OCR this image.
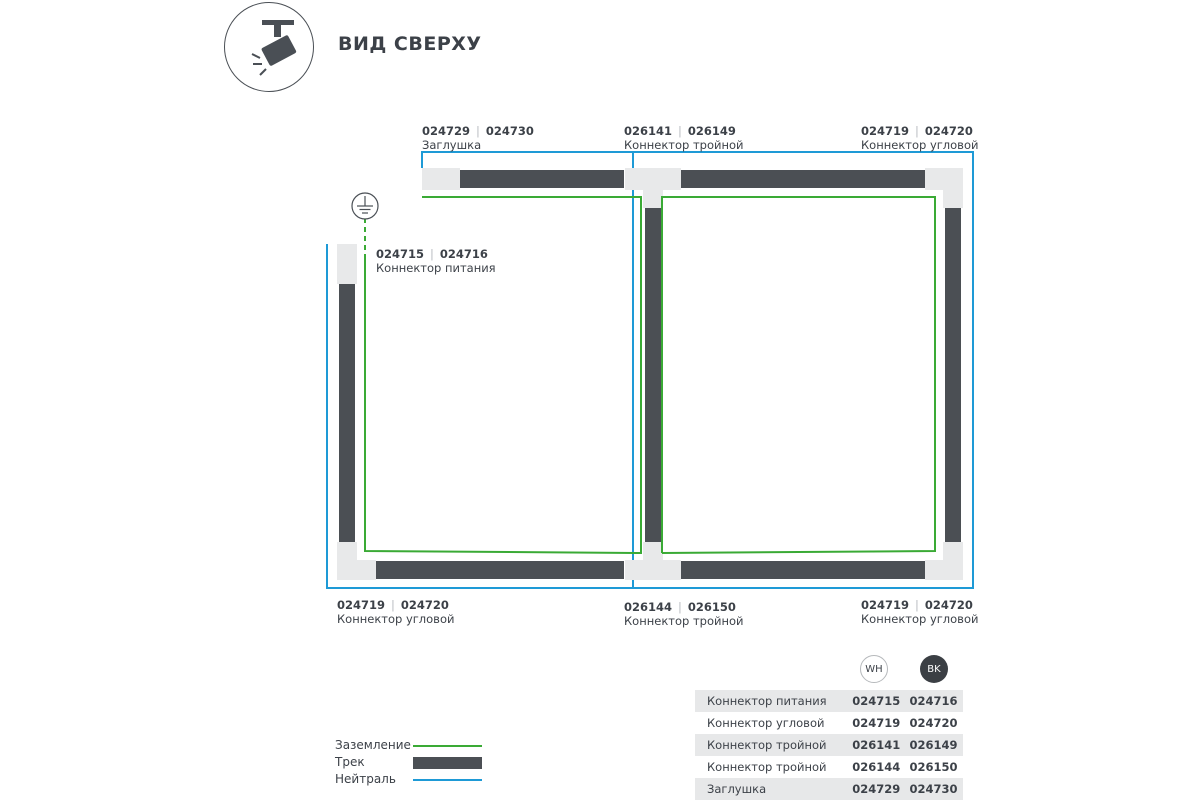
ВИД СВЕРХУ
024729 | 024730
Заглушка
026141 | 026149
Коннектор тройной
024719 | 024720
Коннектор угловой
024715 | 024716
Коннектор питания
024719 | 024720
Коннектор угловой
026144 | 026150
Коннектор тройной
024719 | 024720
Коннектор угловой
Заземление
Трек
Нейтраль
WH	BK
Коннектор питания	024715 024716
Коннектор угловой	024719 024720
Коннектор тройной	026141 026149
Коннектор тройной	026144 026150
Заглушка	024729 024730
